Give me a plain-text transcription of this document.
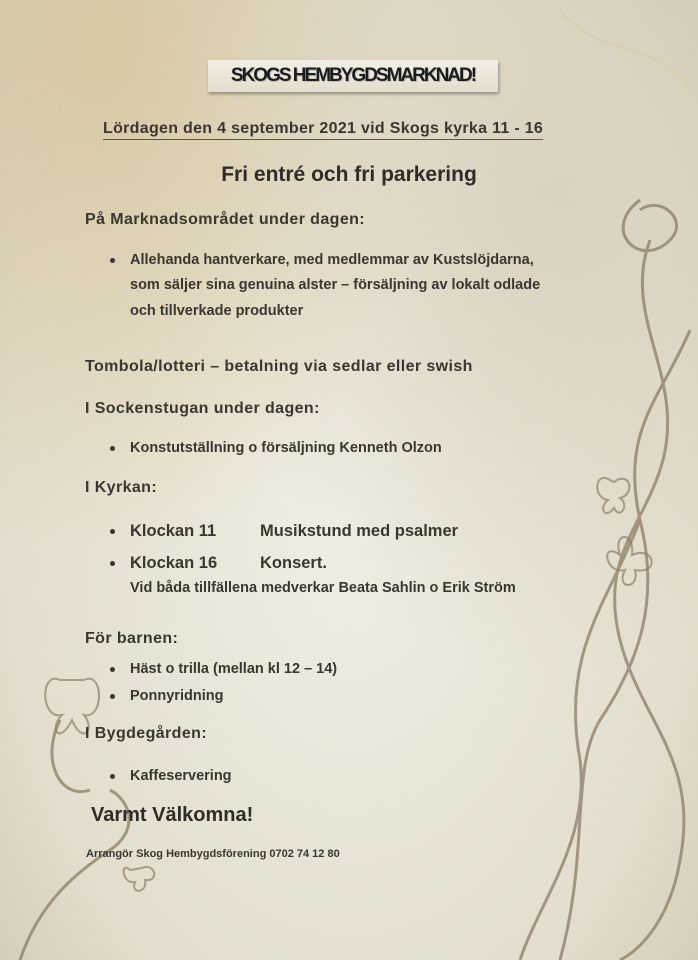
SKOGS HEMBYGDSMARKNAD!
Lördagen den 4 september 2021 vid Skogs kyrka 11 - 16
Fri entré och fri parkering
På Marknadsområdet under dagen:
Allehanda hantverkare, med medlemmar av Kustslöjdarna,
som säljer sina genuina alster – försäljning av lokalt odlade
och tillverkade produkter
Tombola/lotteri – betalning via sedlar eller swish
I Sockenstugan under dagen:
Konstutställning o försäljning Kenneth Olzon
I Kyrkan:
Klockan 11	Musikstund med psalmer
Klockan 16	Konsert.
Vid båda tillfällena medverkar Beata Sahlin o Erik Ström
För barnen:
Häst o trilla (mellan kl 12 – 14)
Ponnyridning
I Bygdegården:
Kaffeservering
Varmt Välkomna!
Arrangör Skog Hembygdsförening 0702 74 12 80
